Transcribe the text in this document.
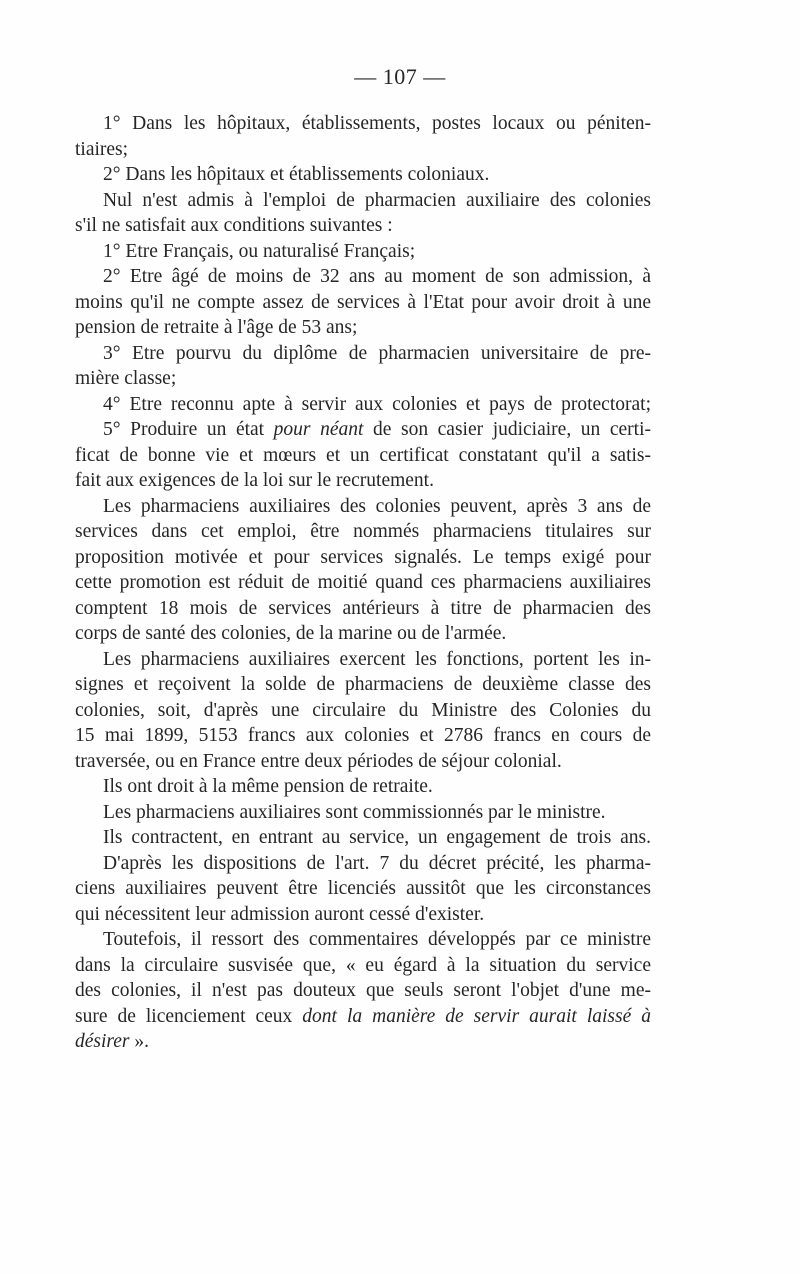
— 107 —
1° Dans les hôpitaux, établissements, postes locaux ou péniten-
tiaires;
2° Dans les hôpitaux et établissements coloniaux.
Nul n'est admis à l'emploi de pharmacien auxiliaire des colonies
s'il ne satisfait aux conditions suivantes :
1° Etre Français, ou naturalisé Français;
2° Etre âgé de moins de 32 ans au moment de son admission, à
moins qu'il ne compte assez de services à l'Etat pour avoir droit à une
pension de retraite à l'âge de 53 ans;
3° Etre pourvu du diplôme de pharmacien universitaire de pre-
mière classe;
4° Etre reconnu apte à servir aux colonies et pays de protectorat;
5° Produire un état pour néant de son casier judiciaire, un certi-
ficat de bonne vie et mœurs et un certificat constatant qu'il a satis-
fait aux exigences de la loi sur le recrutement.
Les pharmaciens auxiliaires des colonies peuvent, après 3 ans de
services dans cet emploi, être nommés pharmaciens titulaires sur
proposition motivée et pour services signalés. Le temps exigé pour
cette promotion est réduit de moitié quand ces pharmaciens auxiliaires
comptent 18 mois de services antérieurs à titre de pharmacien des
corps de santé des colonies, de la marine ou de l'armée.
Les pharmaciens auxiliaires exercent les fonctions, portent les in-
signes et reçoivent la solde de pharmaciens de deuxième classe des
colonies, soit, d'après une circulaire du Ministre des Colonies du
15 mai 1899, 5153 francs aux colonies et 2786 francs en cours de
traversée, ou en France entre deux périodes de séjour colonial.
Ils ont droit à la même pension de retraite.
Les pharmaciens auxiliaires sont commissionnés par le ministre.
Ils contractent, en entrant au service, un engagement de trois ans.
D'après les dispositions de l'art. 7 du décret précité, les pharma-
ciens auxiliaires peuvent être licenciés aussitôt que les circonstances
qui nécessitent leur admission auront cessé d'exister.
Toutefois, il ressort des commentaires développés par ce ministre
dans la circulaire susvisée que, « eu égard à la situation du service
des colonies, il n'est pas douteux que seuls seront l'objet d'une me-
sure de licenciement ceux dont la manière de servir aurait laissé à
désirer ».
